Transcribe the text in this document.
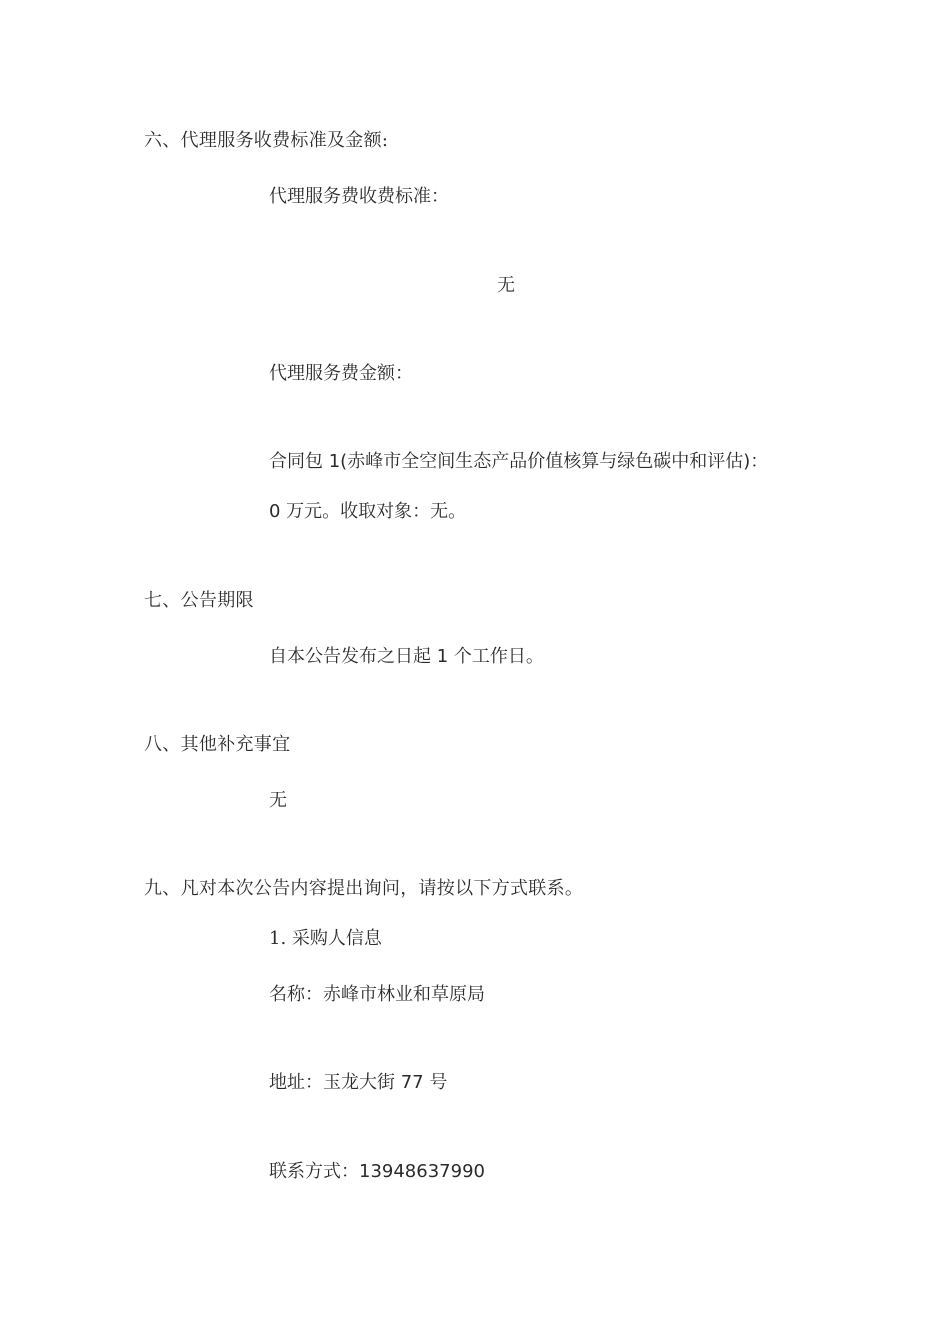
六、代理服务收费标准及金额:
代理服务费收费标准：
无
代理服务费金额：
合同包 1(赤峰市全空间生态产品价值核算与绿色碳中和评估)：
0 万元。收取对象：无。
七、公告期限
自本公告发布之日起 1 个工作日。
八、其他补充事宜
无
九、凡对本次公告内容提出询问，请按以下方式联系。
1. 采购人信息
名称：赤峰市林业和草原局
地址：玉龙大街 77 号
联系方式：13948637990
